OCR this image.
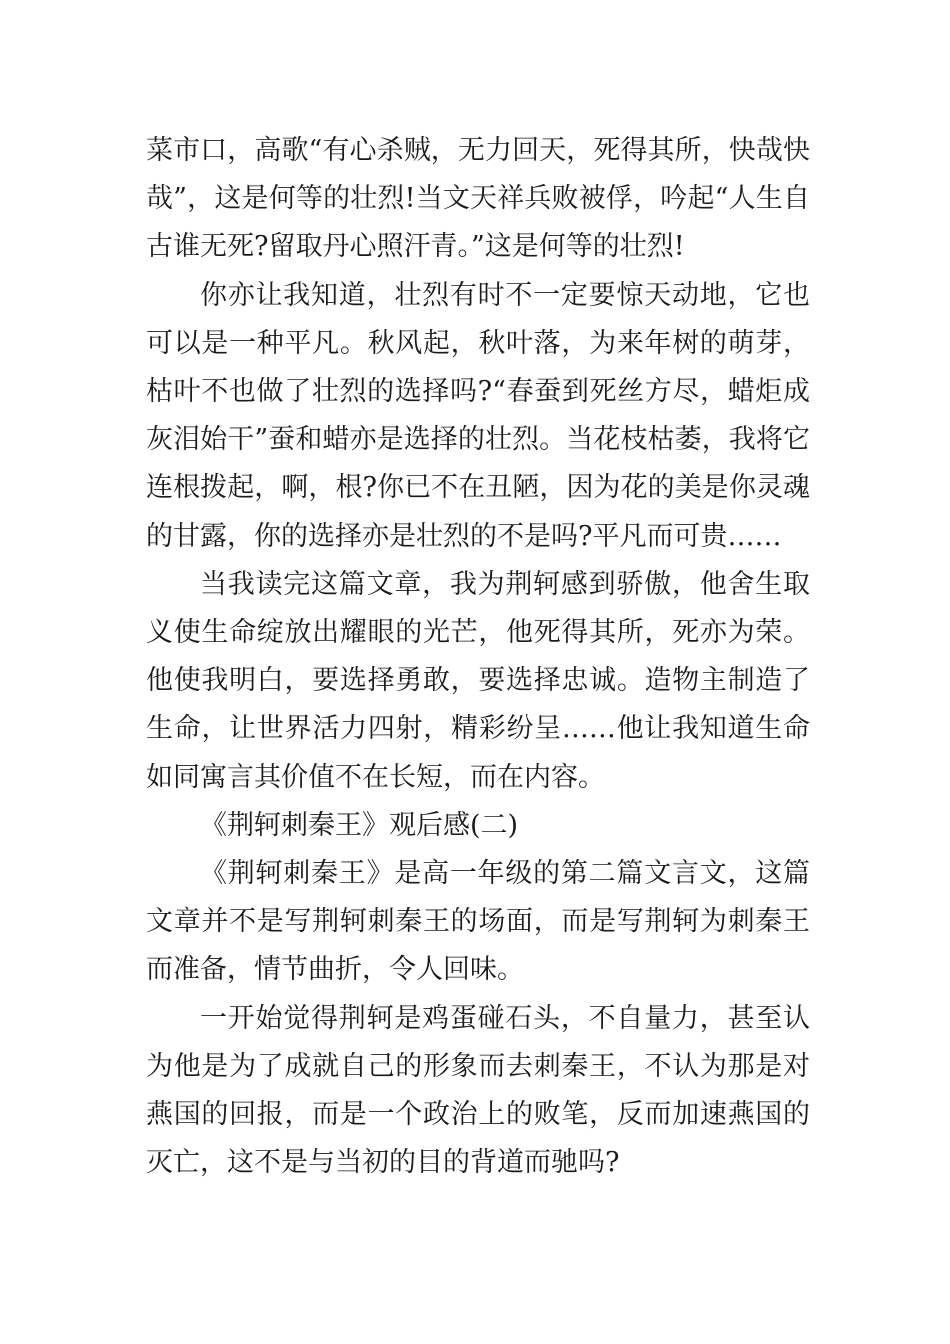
菜市口，高歌“有心杀贼，无力回天，死得其所，快哉快哉”，这是何等的壮烈!当文天祥兵败被俘，吟起“人生自古谁无死?留取丹心照汗青。”这是何等的壮烈!

你亦让我知道，壮烈有时不一定要惊天动地，它也可以是一种平凡。秋风起，秋叶落，为来年树的萌芽，枯叶不也做了壮烈的选择吗?“春蚕到死丝方尽，蜡炬成灰泪始干”蚕和蜡亦是选择的壮烈。当花枝枯萎，我将它连根拨起，啊，根?你已不在丑陋，因为花的美是你灵魂的甘露，你的选择亦是壮烈的不是吗?平凡而可贵……

当我读完这篇文章，我为荆轲感到骄傲，他舍生取义使生命绽放出耀眼的光芒，他死得其所，死亦为荣。他使我明白，要选择勇敢，要选择忠诚。造物主制造了生命，让世界活力四射，精彩纷呈……他让我知道生命如同寓言其价值不在长短，而在内容。

《荆轲刺秦王》观后感(二)

《荆轲刺秦王》是高一年级的第二篇文言文，这篇文章并不是写荆轲刺秦王的场面，而是写荆轲为刺秦王而准备，情节曲折，令人回味。

一开始觉得荆轲是鸡蛋碰石头，不自量力，甚至认为他是为了成就自己的形象而去刺秦王，不认为那是对燕国的回报，而是一个政治上的败笔，反而加速燕国的灭亡，这不是与当初的目的背道而驰吗?
